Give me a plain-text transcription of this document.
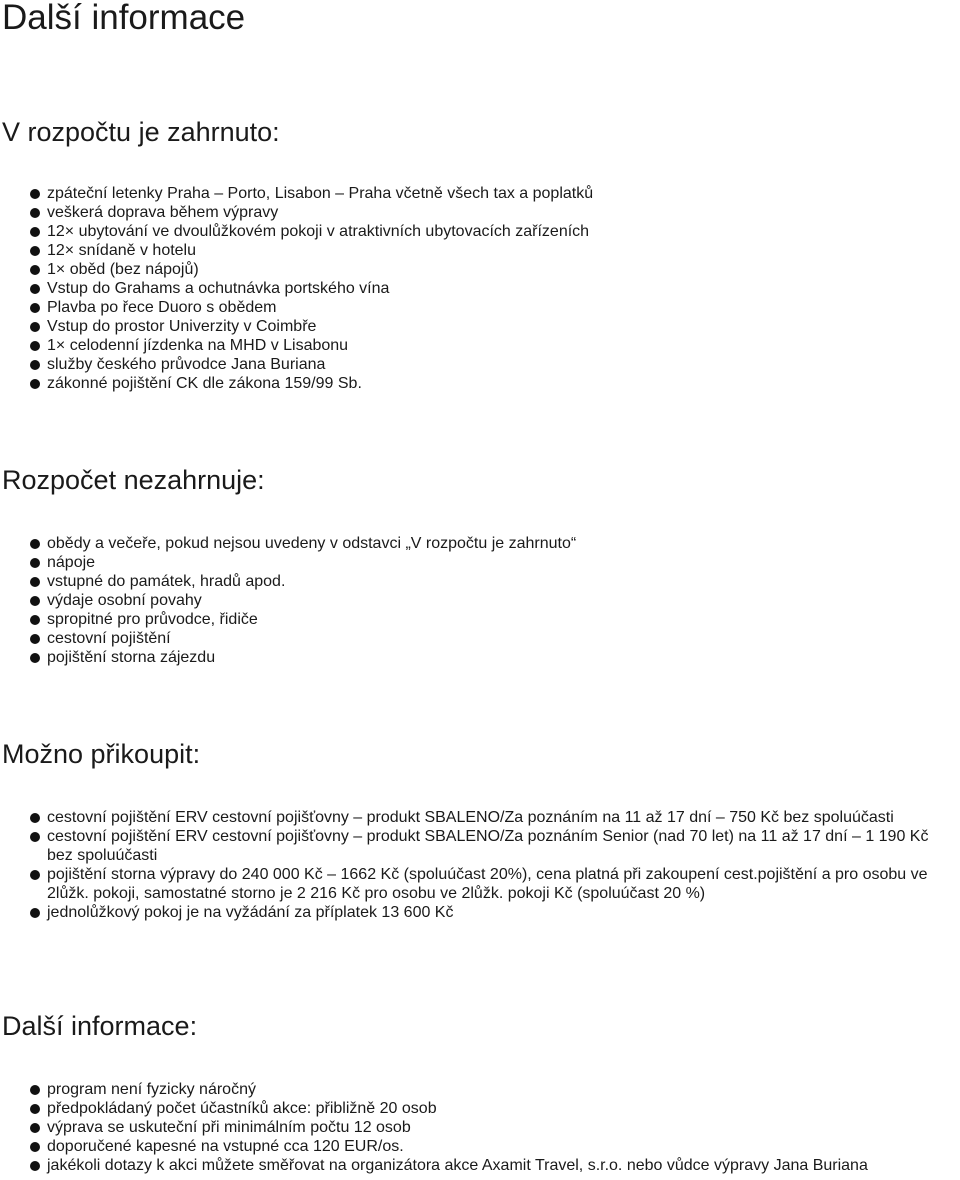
Další informace
V rozpočtu je zahrnuto:
zpáteční letenky Praha – Porto, Lisabon – Praha včetně všech tax a poplatků
veškerá doprava během výpravy
12× ubytování ve dvoulůžkovém pokoji v atraktivních ubytovacích zařízeních
12× snídaně v hotelu
1× oběd (bez nápojů)
Vstup do Grahams a ochutnávka portského vína
Plavba po řece Duoro s obědem
Vstup do prostor Univerzity v Coimbře
1× celodenní jízdenka na MHD v Lisabonu
služby českého průvodce Jana Buriana
zákonné pojištění CK dle zákona 159/99 Sb.
Rozpočet nezahrnuje:
obědy a večeře, pokud nejsou uvedeny v odstavci „V rozpočtu je zahrnuto“
nápoje
vstupné do památek, hradů apod.
výdaje osobní povahy
spropitné pro průvodce, řidiče
cestovní pojištění
pojištění storna zájezdu
Možno přikoupit:
cestovní pojištění ERV cestovní pojišťovny – produkt SBALENO/Za poznáním na 11 až 17 dní – 750 Kč bez spoluúčasti
cestovní pojištění ERV cestovní pojišťovny – produkt SBALENO/Za poznáním Senior (nad 70 let) na 11 až 17 dní – 1 190 Kč bez spoluúčasti
pojištění storna výpravy do 240 000 Kč – 1662 Kč (spoluúčast 20%), cena platná při zakoupení cest.pojištění a pro osobu ve 2lůžk. pokoji, samostatné storno je 2 216 Kč pro osobu ve 2lůžk. pokoji Kč (spoluúčast 20 %)
jednolůžkový pokoj je na vyžádání za příplatek 13 600 Kč
Další informace:
program není fyzicky náročný
předpokládaný počet účastníků akce: přibližně 20 osob
výprava se uskuteční při minimálním počtu 12 osob
doporučené kapesné na vstupné cca 120 EUR/os.
jakékoli dotazy k akci můžete směřovat na organizátora akce Axamit Travel, s.r.o. nebo vůdce výpravy Jana Buriana
